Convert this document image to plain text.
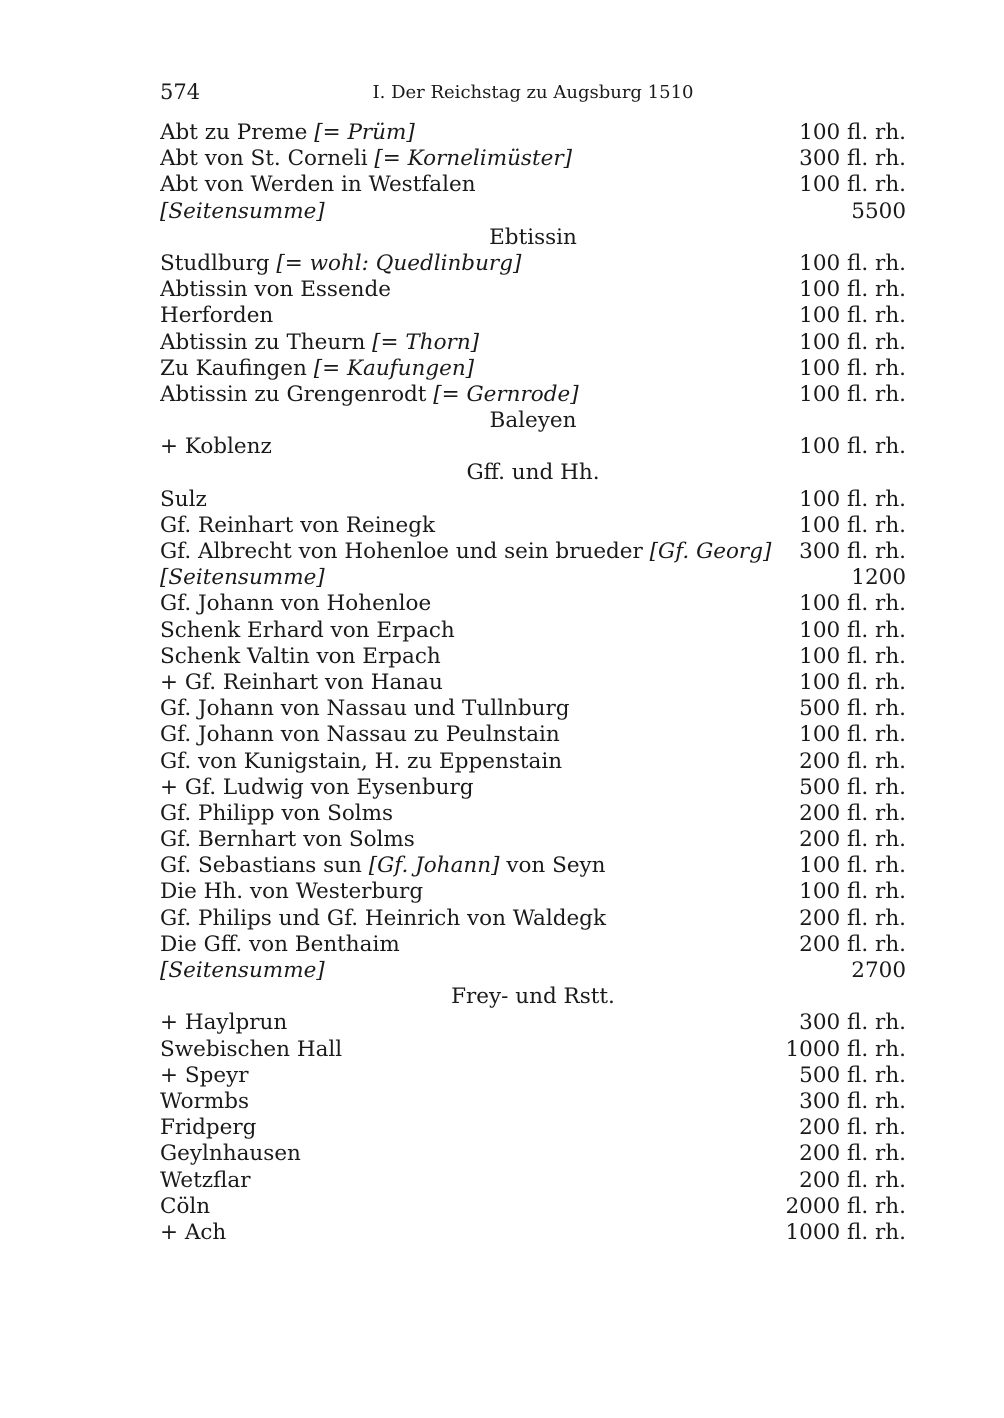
574	I. Der Reichstag zu Augsburg 1510
Abt zu Preme [= Prüm]	100 fl. rh.
Abt von St. Corneli [= Kornelimüster]	300 fl. rh.
Abt von Werden in Westfalen	100 fl. rh.
[Seitensumme]	5500
Ebtissin
Studlburg [= wohl: Quedlinburg]	100 fl. rh.
Abtissin von Essende	100 fl. rh.
Herforden	100 fl. rh.
Abtissin zu Theurn [= Thorn]	100 fl. rh.
Zu Kaufingen [= Kaufungen]	100 fl. rh.
Abtissin zu Grengenrodt [= Gernrode]	100 fl. rh.
Baleyen
+ Koblenz	100 fl. rh.
Gff. und Hh.
Sulz	100 fl. rh.
Gf. Reinhart von Reinegk	100 fl. rh.
Gf. Albrecht von Hohenloe und sein brueder [Gf. Georg]	300 fl. rh.
[Seitensumme]	1200
Gf. Johann von Hohenloe	100 fl. rh.
Schenk Erhard von Erpach	100 fl. rh.
Schenk Valtin von Erpach	100 fl. rh.
+ Gf. Reinhart von Hanau	100 fl. rh.
Gf. Johann von Nassau und Tullnburg	500 fl. rh.
Gf. Johann von Nassau zu Peulnstain	100 fl. rh.
Gf. von Kunigstain, H. zu Eppenstain	200 fl. rh.
+ Gf. Ludwig von Eysenburg	500 fl. rh.
Gf. Philipp von Solms	200 fl. rh.
Gf. Bernhart von Solms	200 fl. rh.
Gf. Sebastians sun [Gf. Johann] von Seyn	100 fl. rh.
Die Hh. von Westerburg	100 fl. rh.
Gf. Philips und Gf. Heinrich von Waldegk	200 fl. rh.
Die Gff. von Benthaim	200 fl. rh.
[Seitensumme]	2700
Frey- und Rstt.
+ Haylprun	300 fl. rh.
Swebischen Hall	1000 fl. rh.
+ Speyr	500 fl. rh.
Wormbs	300 fl. rh.
Fridperg	200 fl. rh.
Geylnhausen	200 fl. rh.
Wetzflar	200 fl. rh.
Cöln	2000 fl. rh.
+ Ach	1000 fl. rh.
